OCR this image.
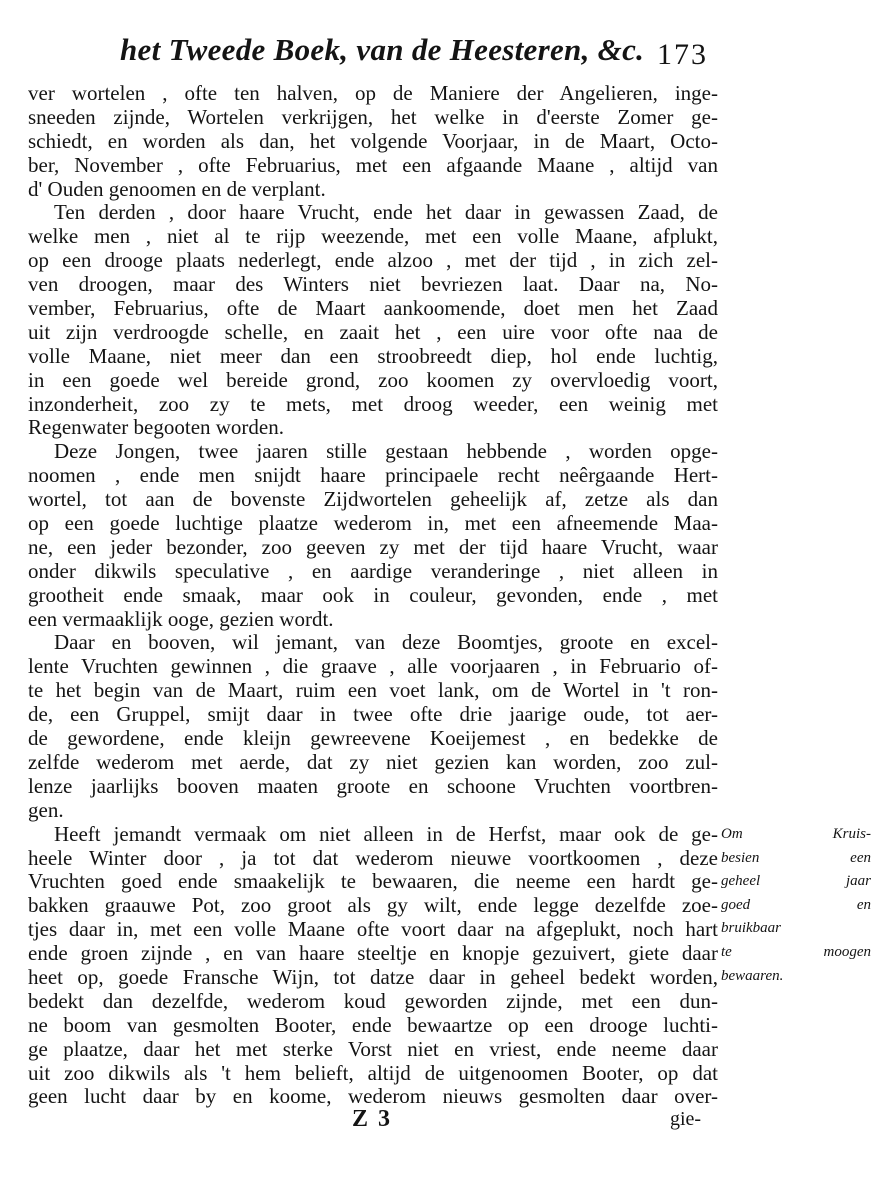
het Tweede Boek, van de Heesteren, &c. 173
ver wortelen , ofte ten halven, op de Maniere der Angelieren, inge-
sneeden zijnde, Wortelen verkrijgen, het welke in d'eerste Zomer ge-
schiedt, en worden als dan, het volgende Voorjaar, in de Maart, Octo-
ber, November , ofte Februarius, met een afgaande Maane , altijd van
d' Ouden genoomen en de verplant.
Ten derden , door haare Vrucht, ende het daar in gewassen Zaad, de
welke men , niet al te rijp weezende, met een volle Maane, afplukt,
op een drooge plaats nederlegt, ende alzoo , met der tijd , in zich zel-
ven droogen, maar des Winters niet bevriezen laat. Daar na, No-
vember, Februarius, ofte de Maart aankoomende, doet men het Zaad
uit zijn verdroogde schelle, en zaait het , een uire voor ofte naa de
volle Maane, niet meer dan een stroobreedt diep, hol ende luchtig,
in een goede wel bereide grond, zoo koomen zy overvloedig voort,
inzonderheit, zoo zy te mets, met droog weeder, een weinig met
Regenwater begooten worden.
Deze Jongen, twee jaaren stille gestaan hebbende , worden opge-
noomen , ende men snijdt haare principaele recht neêrgaande Hert-
wortel, tot aan de bovenste Zijdwortelen geheelijk af, zetze als dan
op een goede luchtige plaatze wederom in, met een afneemende Maa-
ne, een jeder bezonder, zoo geeven zy met der tijd haare Vrucht, waar
onder dikwils speculative , en aardige veranderinge , niet alleen in
grootheit ende smaak, maar ook in couleur, gevonden, ende , met
een vermaaklijk ooge, gezien wordt.
Daar en booven, wil jemant, van deze Boomtjes, groote en excel-
lente Vruchten gewinnen , die graave , alle voorjaaren , in Februario of-
te het begin van de Maart, ruim een voet lank, om de Wortel in 't ron-
de, een Gruppel, smijt daar in twee ofte drie jaarige oude, tot aer-
de gewordene, ende kleijn gewreevene Koeijemest , en bedekke de
zelfde wederom met aerde, dat zy niet gezien kan worden, zoo zul-
lenze jaarlijks booven maaten groote en schoone Vruchten voortbren-
gen.
Heeft jemandt vermaak om niet alleen in de Herfst, maar ook de ge-
heele Winter door , ja tot dat wederom nieuwe voortkoomen , deze
Vruchten goed ende smaakelijk te bewaaren, die neeme een hardt ge-
bakken graauwe Pot, zoo groot als gy wilt, ende legge dezelfde zoe-
tjes daar in, met een volle Maane ofte voort daar na afgeplukt, noch hart
ende groen zijnde , en van haare steeltje en knopje gezuivert, giete daar
heet op, goede Fransche Wijn, tot datze daar in geheel bedekt worden,
bedekt dan dezelfde, wederom koud geworden zijnde, met een dun-
ne boom van gesmolten Booter, ende bewaartze op een drooge luchti-
ge plaatze, daar het met sterke Vorst niet en vriest, ende neeme daar
uit zoo dikwils als 't hem belieft, altijd de uitgenoomen Booter, op dat
geen lucht daar by en koome, wederom nieuws gesmolten daar over-
Om Kruis-
besien een
geheel jaar
goed en
bruikbaar
te moogen
bewaaren.
Z 3	gie-
